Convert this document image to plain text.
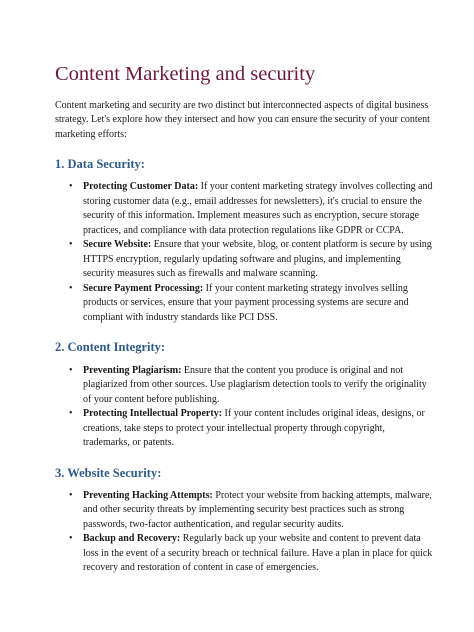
Content Marketing and security

Content marketing and security are two distinct but interconnected aspects of digital business strategy. Let's explore how they intersect and how you can ensure the security of your content marketing efforts:

1. Data Security:
• Protecting Customer Data: If your content marketing strategy involves collecting and storing customer data (e.g., email addresses for newsletters), it's crucial to ensure the security of this information. Implement measures such as encryption, secure storage practices, and compliance with data protection regulations like GDPR or CCPA.
• Secure Website: Ensure that your website, blog, or content platform is secure by using HTTPS encryption, regularly updating software and plugins, and implementing security measures such as firewalls and malware scanning.
• Secure Payment Processing: If your content marketing strategy involves selling products or services, ensure that your payment processing systems are secure and compliant with industry standards like PCI DSS.
2. Content Integrity:
• Preventing Plagiarism: Ensure that the content you produce is original and not plagiarized from other sources. Use plagiarism detection tools to verify the originality of your content before publishing.
• Protecting Intellectual Property: If your content includes original ideas, designs, or creations, take steps to protect your intellectual property through copyright, trademarks, or patents.
3. Website Security:
• Preventing Hacking Attempts: Protect your website from hacking attempts, malware, and other security threats by implementing security best practices such as strong passwords, two-factor authentication, and regular security audits.
• Backup and Recovery: Regularly back up your website and content to prevent data loss in the event of a security breach or technical failure. Have a plan in place for quick recovery and restoration of content in case of emergencies.
